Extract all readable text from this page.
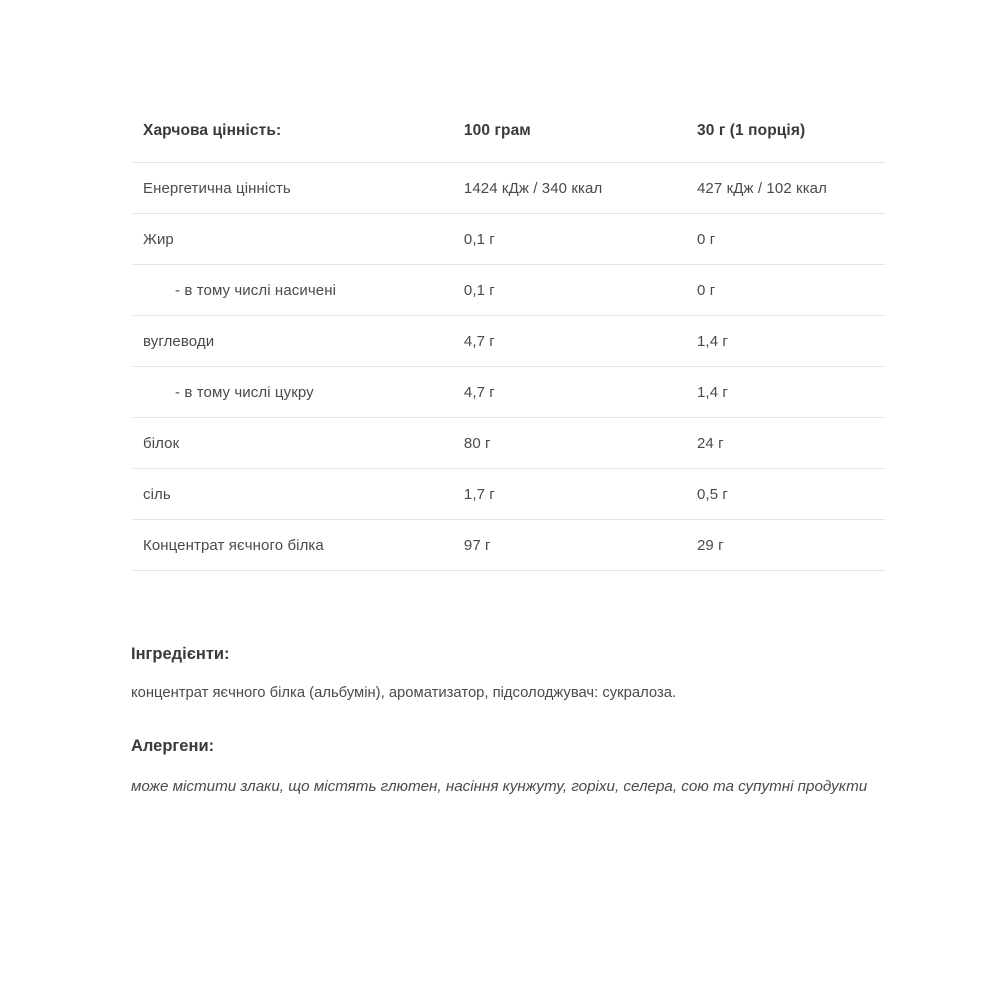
Харчова цінність:	100 грам	30 г (1 порція)
Енергетична цінність	1424 кДж / 340 ккал	427 кДж / 102 ккал
Жир	0,1 г	0 г
- в тому числі насичені	0,1 г	0 г
вуглеводи	4,7 г	1,4 г
- в тому числі цукру	4,7 г	1,4 г
білок	80 г	24 г
сіль	1,7 г	0,5 г
Концентрат яєчного білка	97 г	29 г

Інгредієнти:

концентрат яєчного білка (альбумін), ароматизатор, підсолоджувач: сукралоза.

Алергени:

може містити злаки, що містять глютен, насіння кунжуту, горіхи, селера, сою та супутні продукти
